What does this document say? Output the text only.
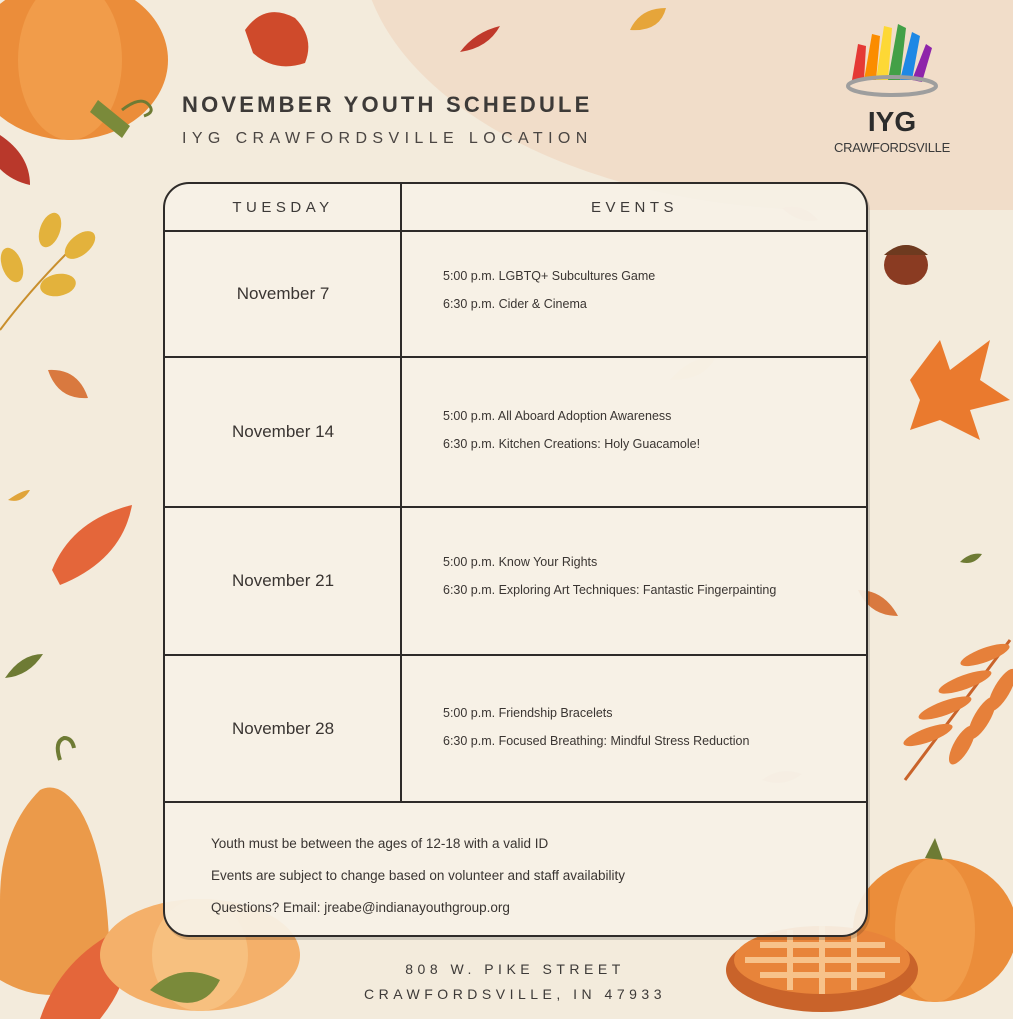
NOVEMBER YOUTH SCHEDULE
IYG CRAWFORDSVILLE LOCATION
IYG
CRAWFORDSVILLE
TUESDAY	EVENTS
November 7
5:00 p.m. LGBTQ+ Subcultures Game
6:30 p.m. Cider & Cinema
November 14
5:00 p.m. All Aboard Adoption Awareness
6:30 p.m. Kitchen Creations: Holy Guacamole!
November 21
5:00 p.m. Know Your Rights
6:30 p.m. Exploring Art Techniques: Fantastic Fingerpainting
November 28
5:00 p.m. Friendship Bracelets
6:30 p.m. Focused Breathing: Mindful Stress Reduction
Youth must be between the ages of 12-18 with a valid ID
Events are subject to change based on volunteer and staff availability
Questions? Email: jreabe@indianayouthgroup.org
808 W. PIKE STREET
CRAWFORDSVILLE, IN 47933
